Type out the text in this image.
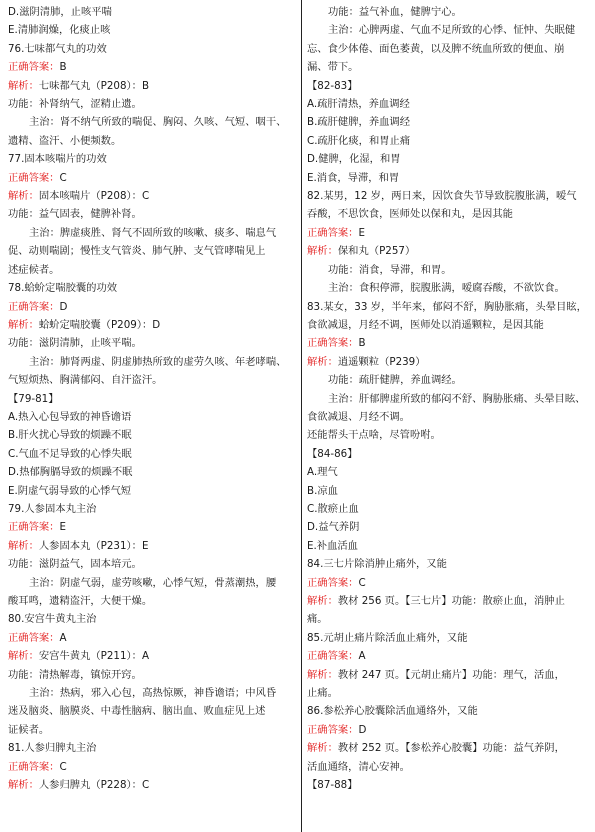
D.滋阴清肺，止咳平喘
E.清肺润燥，化痰止咳
76.七味都气丸的功效
正确答案：B
解析：七味都气丸（P208）：B
功能：补肾纳气，涩精止遗。
主治：肾不纳气所致的喘促、胸闷、久咳、气短、咽干、
遗精、盗汗、小便频数。
77.固本咳喘片的功效
正确答案：C
解析：固本咳喘片（P208）：C
功能：益气固表，健脾补肾。
主治：脾虚痰胜、肾气不固所致的咳嗽、痰多、喘息气
促、动则喘剧；慢性支气管炎、肺气肿、支气管哮喘见上
述症候者。
78.蛤蚧定喘胶囊的功效
正确答案：D
解析：蛤蚧定喘胶囊（P209）：D
功能：滋阴清肺，止咳平喘。
主治：肺肾两虚、阴虚肺热所致的虚劳久咳、年老哮喘、
气短烦热、胸满郁闷、自汗盗汗。
【79-81】
A.热入心包导致的神昏谵语
B.肝火扰心导致的烦躁不眠
C.气血不足导致的心悸失眠
D.热郁胸膈导致的烦躁不眠
E.阴虚气弱导致的心悸气短
79.人参固本丸主治
正确答案：E
解析：人参固本丸（P231）：E
功能：滋阴益气，固本培元。
主治：阴虚气弱，虚劳咳嗽，心悸气短，骨蒸潮热，腰
酸耳鸣，遗精盗汗，大便干燥。
80.安宫牛黄丸主治
正确答案：A
解析：安宫牛黄丸（P211）：A
功能：清热解毒，镇惊开窍。
主治：热病，邪入心包，高热惊厥，神昏谵语；中风昏
迷及脑炎、脑膜炎、中毒性脑病、脑出血、败血症见上述
证候者。
81.人参归脾丸主治
正确答案：C
解析：人参归脾丸（P228）：C
功能：益气补血，健脾宁心。
主治：心脾两虚、气血不足所致的心悸、怔忡、失眠健
忘、食少体倦、面色萎黄，以及脾不统血所致的便血、崩
漏、带下。
【82-83】
A.疏肝清热，养血调经
B.疏肝健脾，养血调经
C.疏肝化痰，和胃止痛
D.健脾，化湿，和胃
E.消食，导滞，和胃
82.某男，12 岁，两日来，因饮食失节导致脘腹胀满，嗳气
吞酸，不思饮食，医师处以保和丸，是因其能
正确答案：E
解析：保和丸（P257）
功能：消食，导滞，和胃。
主治：食积停滞，脘腹胀满，嗳腐吞酸，不欲饮食。
83.某女，33 岁，半年来，郁闷不舒，胸胁胀痛，头晕目眩，
食欲减退，月经不调，医师处以消遥颗粒，是因其能
正确答案：B
解析：逍遥颗粒（P239）
功能：疏肝健脾，养血调经。
主治：肝郁脾虚所致的郁闷不舒、胸胁胀痛、头晕目眩、
食欲减退、月经不调。
还能帮头干点啥，尽管吩咐。
【84-86】
A.理气
B.凉血
C.散瘀止血
D.益气养阴
E.补血活血
84.三七片除消肿止痛外，又能
正确答案：C
解析：教材 256 页。【三七片】功能：散瘀止血，消肿止
痛。
85.元胡止痛片除活血止痛外，又能
正确答案：A
解析：教材 247 页。【元胡止痛片】功能：理气，活血，
止痛。
86.参松养心胶囊除活血通络外，又能
正确答案：D
解析：教材 252 页。【参松养心胶囊】功能：益气养阴，
活血通络，清心安神。
【87-88】
